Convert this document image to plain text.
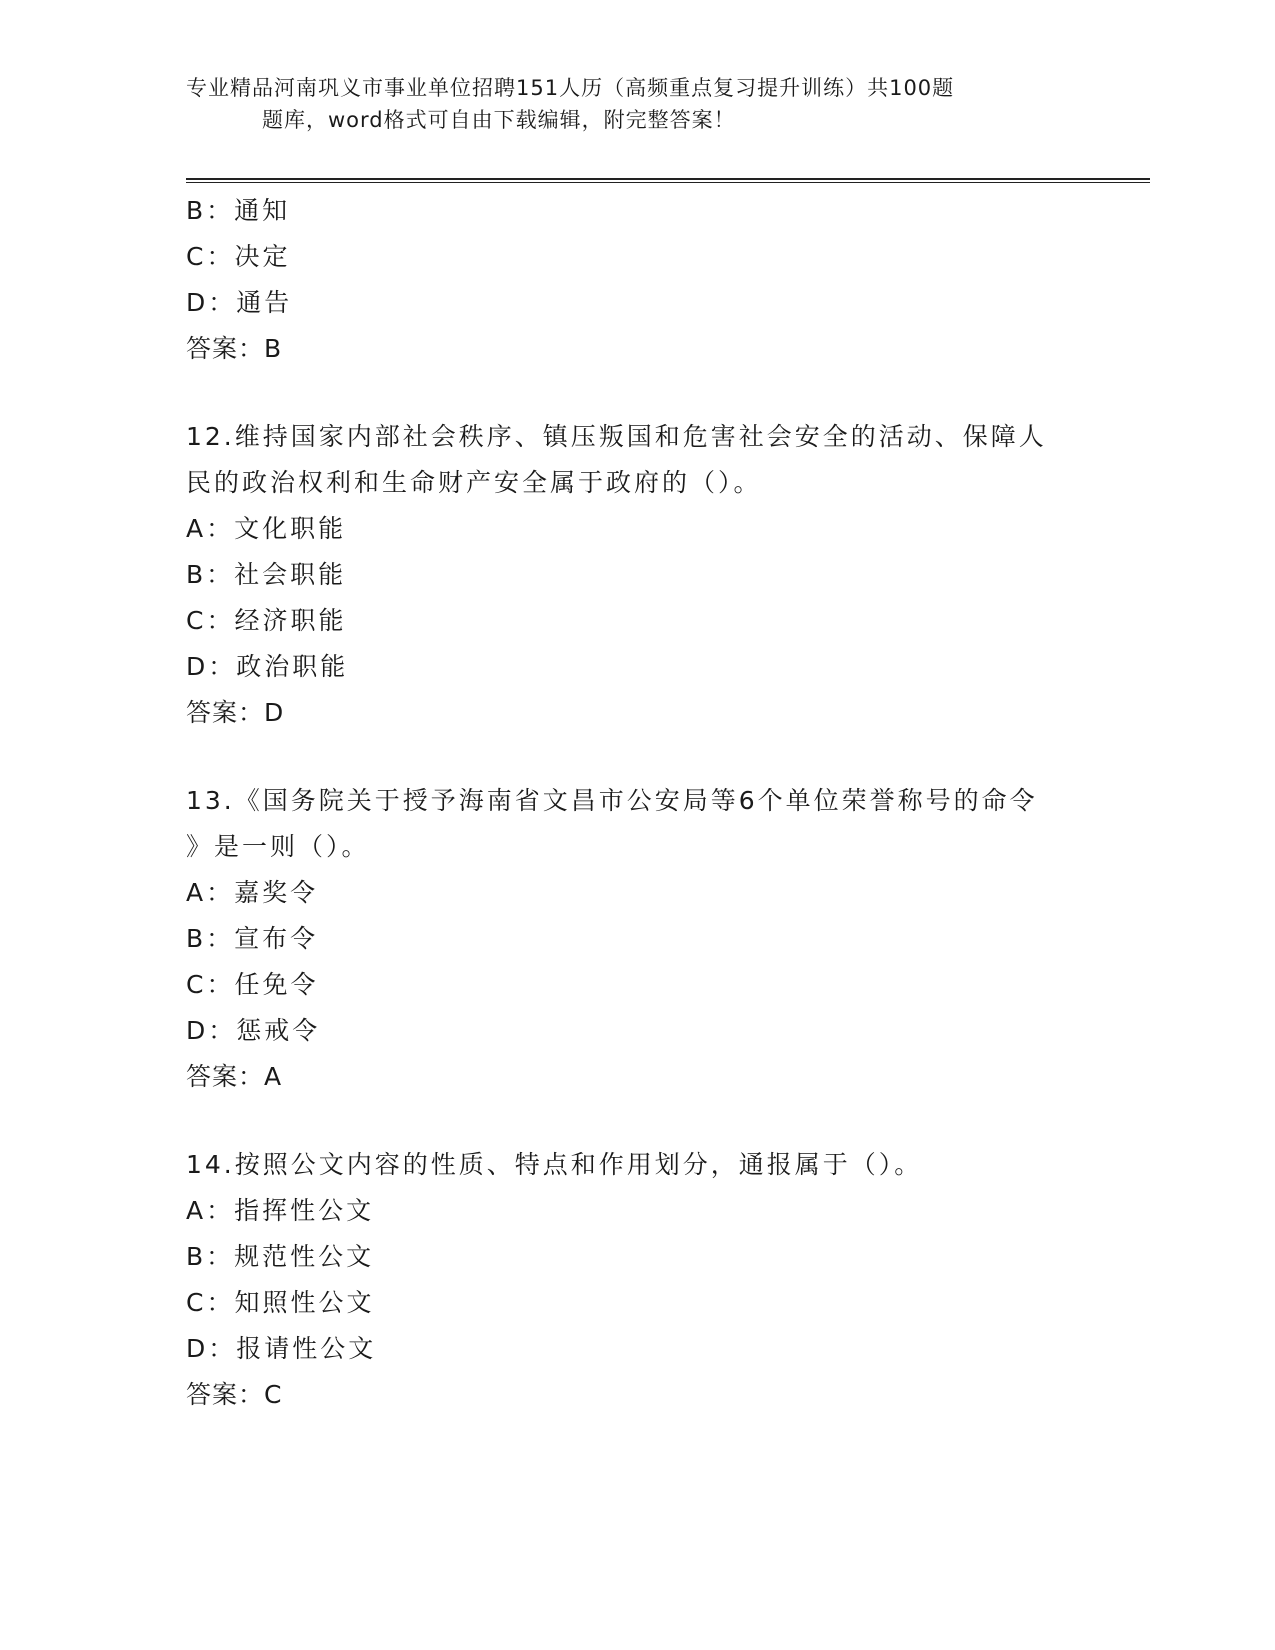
专业精品河南巩义市事业单位招聘151人历（高频重点复习提升训练）共100题
题库，word格式可自由下载编辑，附完整答案！
B：通知
C：决定
D：通告
答案：B
12.维持国家内部社会秩序、镇压叛国和危害社会安全的活动、保障人
民的政治权利和生命财产安全属于政府的（）。
A：文化职能
B：社会职能
C：经济职能
D：政治职能
答案：D
13.《国务院关于授予海南省文昌市公安局等6个单位荣誉称号的命令
》是一则（）。
A：嘉奖令
B：宣布令
C：任免令
D：惩戒令
答案：A
14.按照公文内容的性质、特点和作用划分，通报属于（）。
A：指挥性公文
B：规范性公文
C：知照性公文
D：报请性公文
答案：C
